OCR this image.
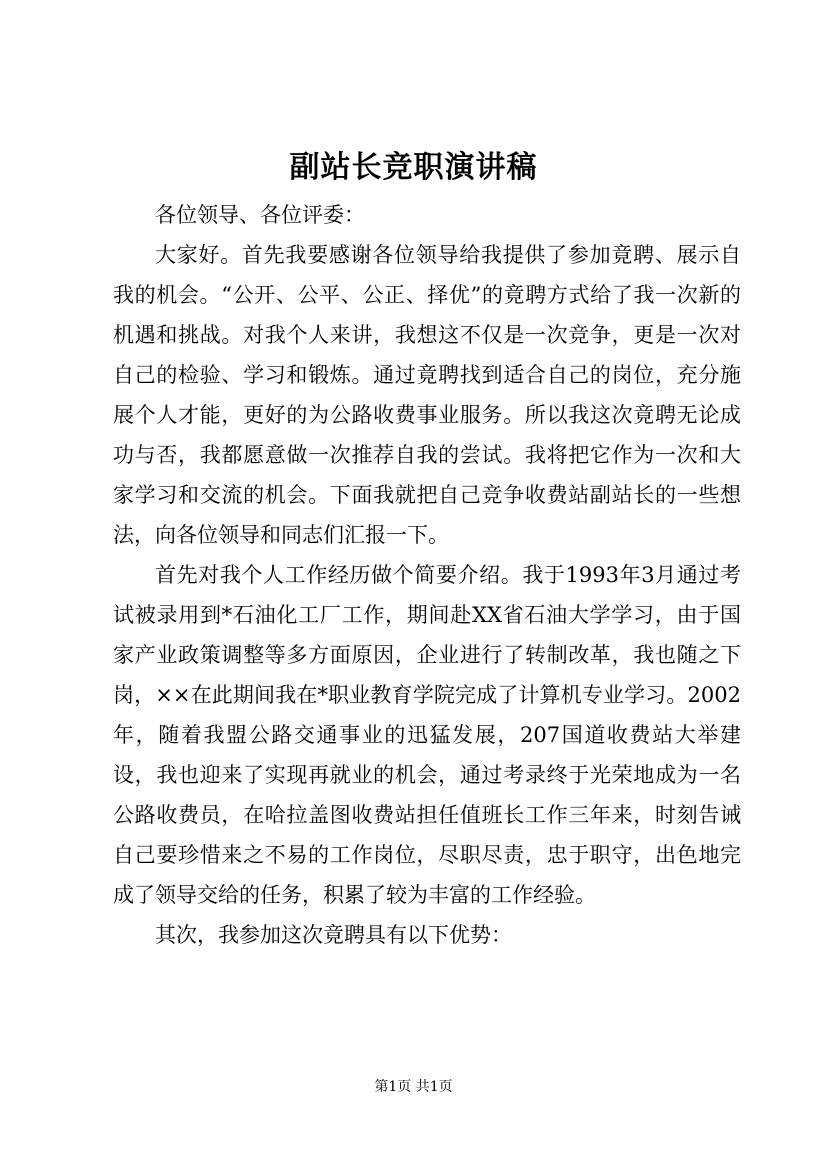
副站长竞职演讲稿

各位领导、各位评委：

大家好。首先我要感谢各位领导给我提供了参加竟聘、展示自我的机会。“公开、公平、公正、择优”的竟聘方式给了我一次新的机遇和挑战。对我个人来讲，我想这不仅是一次竞争，更是一次对自己的检验、学习和锻炼。通过竟聘找到适合自己的岗位，充分施展个人才能，更好的为公路收费事业服务。所以我这次竟聘无论成功与否，我都愿意做一次推荐自我的尝试。我将把它作为一次和大家学习和交流的机会。下面我就把自己竞争收费站副站长的一些想法，向各位领导和同志们汇报一下。

首先对我个人工作经历做个简要介绍。我于1993年3月通过考试被录用到*石油化工厂工作，期间赴XX省石油大学学习，由于国家产业政策调整等多方面原因，企业进行了转制改革，我也随之下岗，××在此期间我在*职业教育学院完成了计算机专业学习。2002年，随着我盟公路交通事业的迅猛发展，207国道收费站大举建设，我也迎来了实现再就业的机会，通过考录终于光荣地成为一名公路收费员，在哈拉盖图收费站担任值班长工作三年来，时刻告诫自己要珍惜来之不易的工作岗位，尽职尽责，忠于职守，出色地完成了领导交给的任务，积累了较为丰富的工作经验。

其次，我参加这次竟聘具有以下优势：

第1页 共1页
